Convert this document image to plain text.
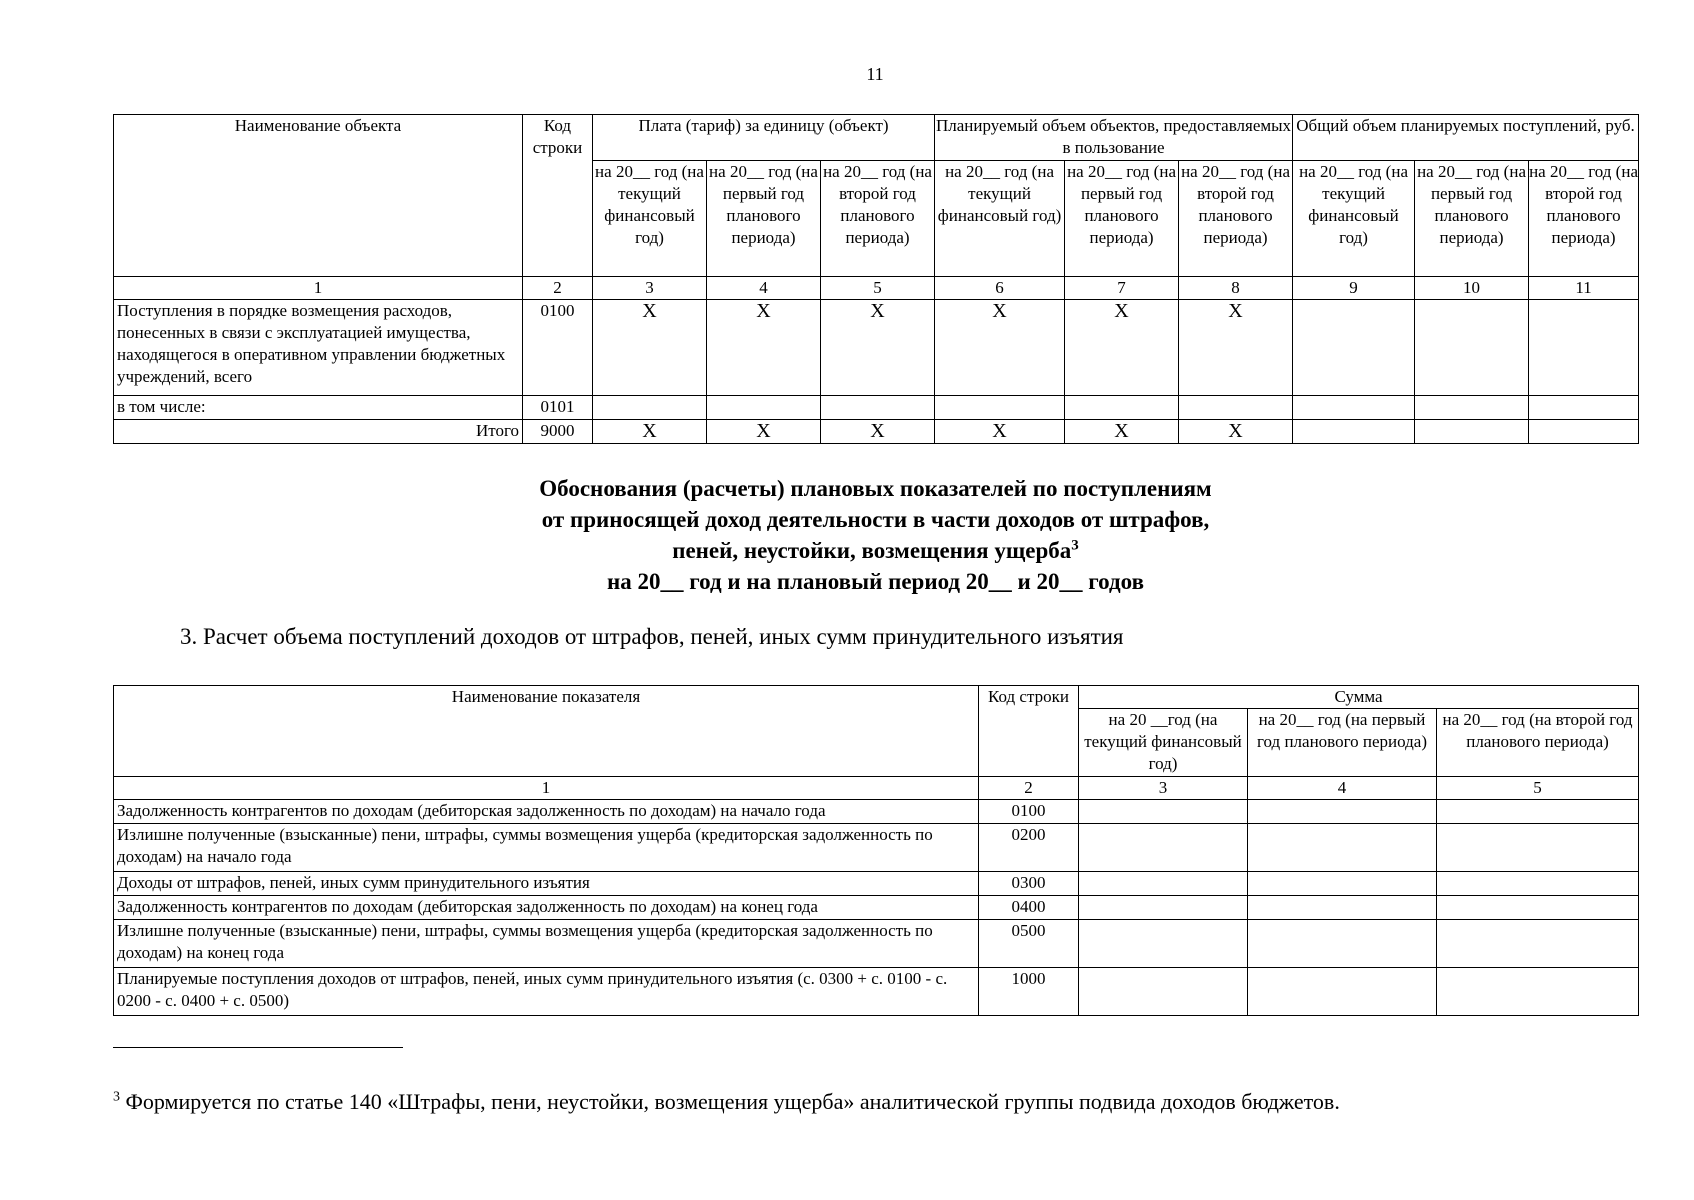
11
Наименование объекта	Код строки	Плата (тариф) за единицу (объект)			Планируемый объем объектов, предоставляемых в пользование			Общий объем планируемых поступлений, руб.		
		на 20__ год (на текущий финансовый год)	на 20__ год (на первый год планового периода)	на 20__ год (на второй год планового периода)	на 20__ год (на текущий финансовый год)	на 20__ год (на первый год планового периода)	на 20__ год (на второй год планового периода)	на 20__ год (на текущий финансовый год)	на 20__ год (на первый год планового периода)	на 20__ год (на второй год планового периода)
1	2	3	4	5	6	7	8	9	10	11
Поступления в порядке возмещения расходов, понесенных в связи с эксплуатацией имущества, находящегося в оперативном управлении бюджетных учреждений, всего	0100	X	X	X	X	X	X			
в том числе:	0101									
Итого	9000	X	X	X	X	X	X			
Обоснования (расчеты) плановых показателей по поступлениям
от приносящей доход деятельности в части доходов от штрафов,
пеней, неустойки, возмещения ущерба$^3$
на 20__ год и на плановый период 20__ и 20__ годов
3. Расчет объема поступлений доходов от штрафов, пеней, иных сумм принудительного изъятия
Наименование показателя	Код строки	Сумма		
		на 20 __год (на текущий финансовый год)	на 20__ год (на первый год планового периода)	на 20__ год (на второй год планового периода)
1	2	3	4	5
Задолженность контрагентов по доходам (дебиторская задолженность по доходам) на начало года	0100			
Излишне полученные (взысканные) пени, штрафы, суммы возмещения ущерба (кредиторская задолженность по доходам) на начало года	0200			
Доходы от штрафов, пеней, иных сумм принудительного изъятия	0300			
Задолженность контрагентов по доходам (дебиторская задолженность по доходам) на конец года	0400			
Излишне полученные (взысканные) пени, штрафы, суммы возмещения ущерба (кредиторская задолженность по доходам) на конец года	0500			
Планируемые поступления доходов от штрафов, пеней, иных сумм принудительного изъятия (с. 0300 + с. 0100 - с. 0200 - с. 0400 + с. 0500)	1000			
$^3$ Формируется по статье 140 «Штрафы, пени, неустойки, возмещения ущерба» аналитической группы подвида доходов бюджетов.
